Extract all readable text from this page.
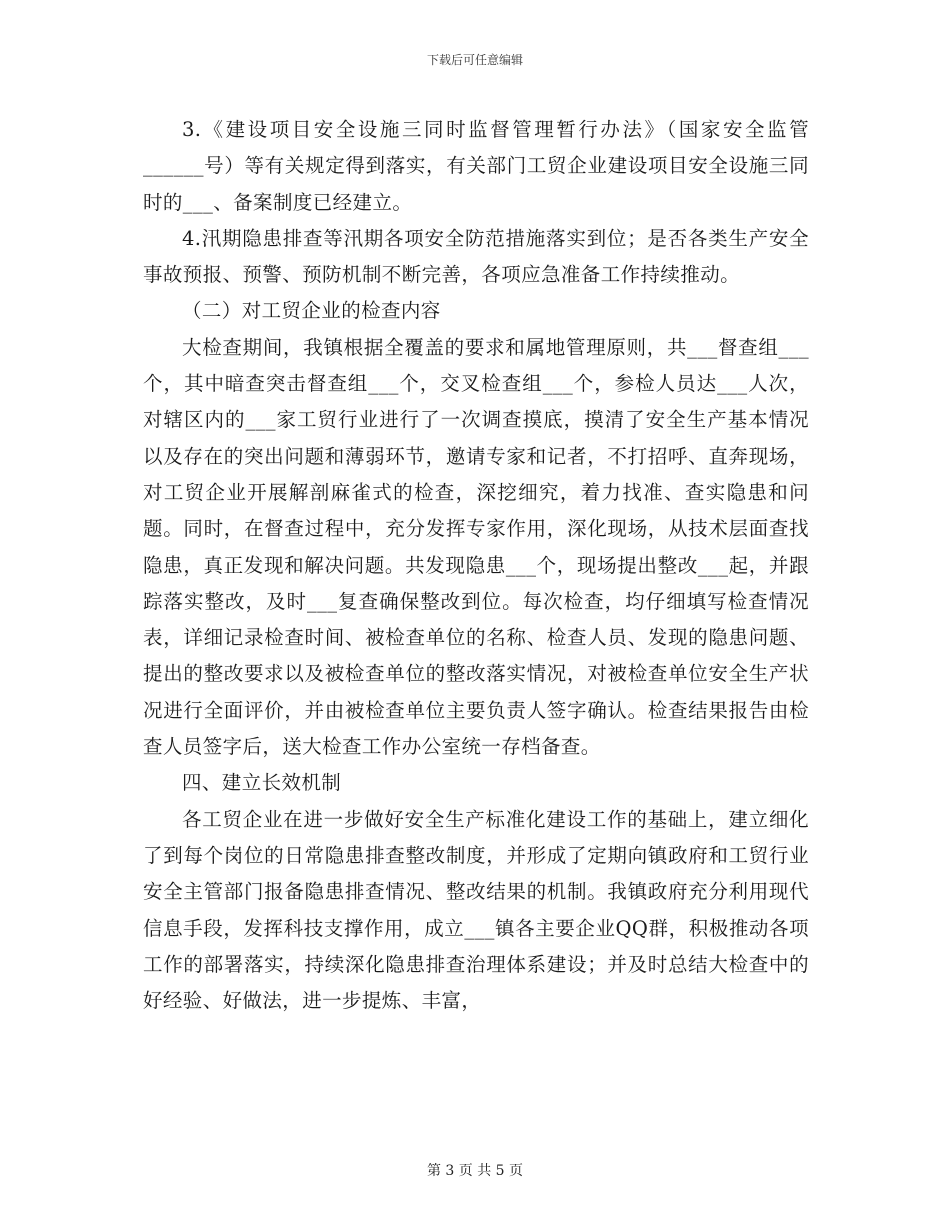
下载后可任意编辑

3.《建设项目安全设施三同时监督管理暂行办法》（国家安全监管______号）等有关规定得到落实，有关部门工贸企业建设项目安全设施三同时的___、备案制度已经建立。

4.汛期隐患排查等汛期各项安全防范措施落实到位；是否各类生产安全事故预报、预警、预防机制不断完善，各项应急准备工作持续推动。

（二）对工贸企业的检查内容

大检查期间，我镇根据全覆盖的要求和属地管理原则，共___督查组___个，其中暗查突击督查组___个，交叉检查组___个，参检人员达___人次，对辖区内的___家工贸行业进行了一次调查摸底，摸清了安全生产基本情况以及存在的突出问题和薄弱环节，邀请专家和记者，不打招呼、直奔现场，对工贸企业开展解剖麻雀式的检查，深挖细究，着力找准、查实隐患和问题。同时，在督查过程中，充分发挥专家作用，深化现场，从技术层面查找隐患，真正发现和解决问题。共发现隐患___个，现场提出整改___起，并跟踪落实整改，及时___复查确保整改到位。每次检查，均仔细填写检查情况表，详细记录检查时间、被检查单位的名称、检查人员、发现的隐患问题、提出的整改要求以及被检查单位的整改落实情况，对被检查单位安全生产状况进行全面评价，并由被检查单位主要负责人签字确认。检查结果报告由检查人员签字后，送大检查工作办公室统一存档备查。

四、建立长效机制

各工贸企业在进一步做好安全生产标准化建设工作的基础上，建立细化了到每个岗位的日常隐患排查整改制度，并形成了定期向镇政府和工贸行业安全主管部门报备隐患排查情况、整改结果的机制。我镇政府充分利用现代信息手段，发挥科技支撑作用，成立___镇各主要企业QQ群，积极推动各项工作的部署落实，持续深化隐患排查治理体系建设；并及时总结大检查中的好经验、好做法，进一步提炼、丰富，

第 3 页 共 5 页
